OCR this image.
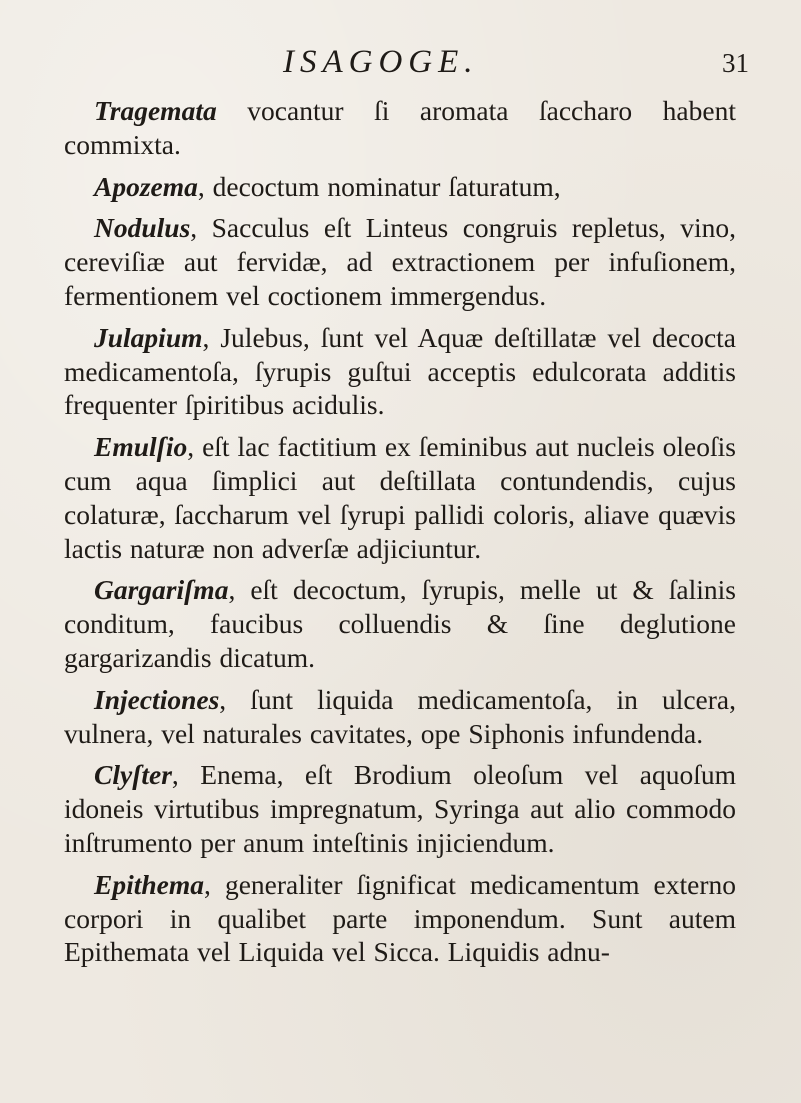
ISAGOGE.	31

Tragemata vocantur ſi aromata ſaccharo habent commixta.

Apozema, decoctum nominatur ſaturatum,

Nodulus, Sacculus eſt Linteus congruis repletus, vino, cereviſiæ aut fervidæ, ad extractionem per infuſionem, fermentionem vel coctionem immergendus.

Julapium, Julebus, ſunt vel Aquæ deſtillatæ vel decocta medicamentoſa, ſyrupis guſtui acceptis edulcorata additis frequenter ſpiritibus acidulis.

Emulſio, eſt lac factitium ex ſeminibus aut nucleis oleoſis cum aqua ſimplici aut deſtillata contundendis, cujus colaturæ, ſaccharum vel ſyrupi pallidi coloris, aliave quævis lactis naturæ non adverſæ adjiciuntur.

Gargariſma, eſt decoctum, ſyrupis, melle ut & ſalinis conditum, faucibus colluendis & ſine deglutione gargarizandis dicatum.

Injectiones, ſunt liquida medicamentoſa, in ulcera, vulnera, vel naturales cavitates, ope Siphonis infundenda.

Clyſter, Enema, eſt Brodium oleoſum vel aquoſum idoneis virtutibus impregnatum, Syringa aut alio commodo inſtrumento per anum inteſtinis injiciendum.

Epithema, generaliter ſignificat medicamentum externo corpori in qualibet parte imponendum. Sunt autem Epithemata vel Liquida vel Sicca. Liquidis adnu-
